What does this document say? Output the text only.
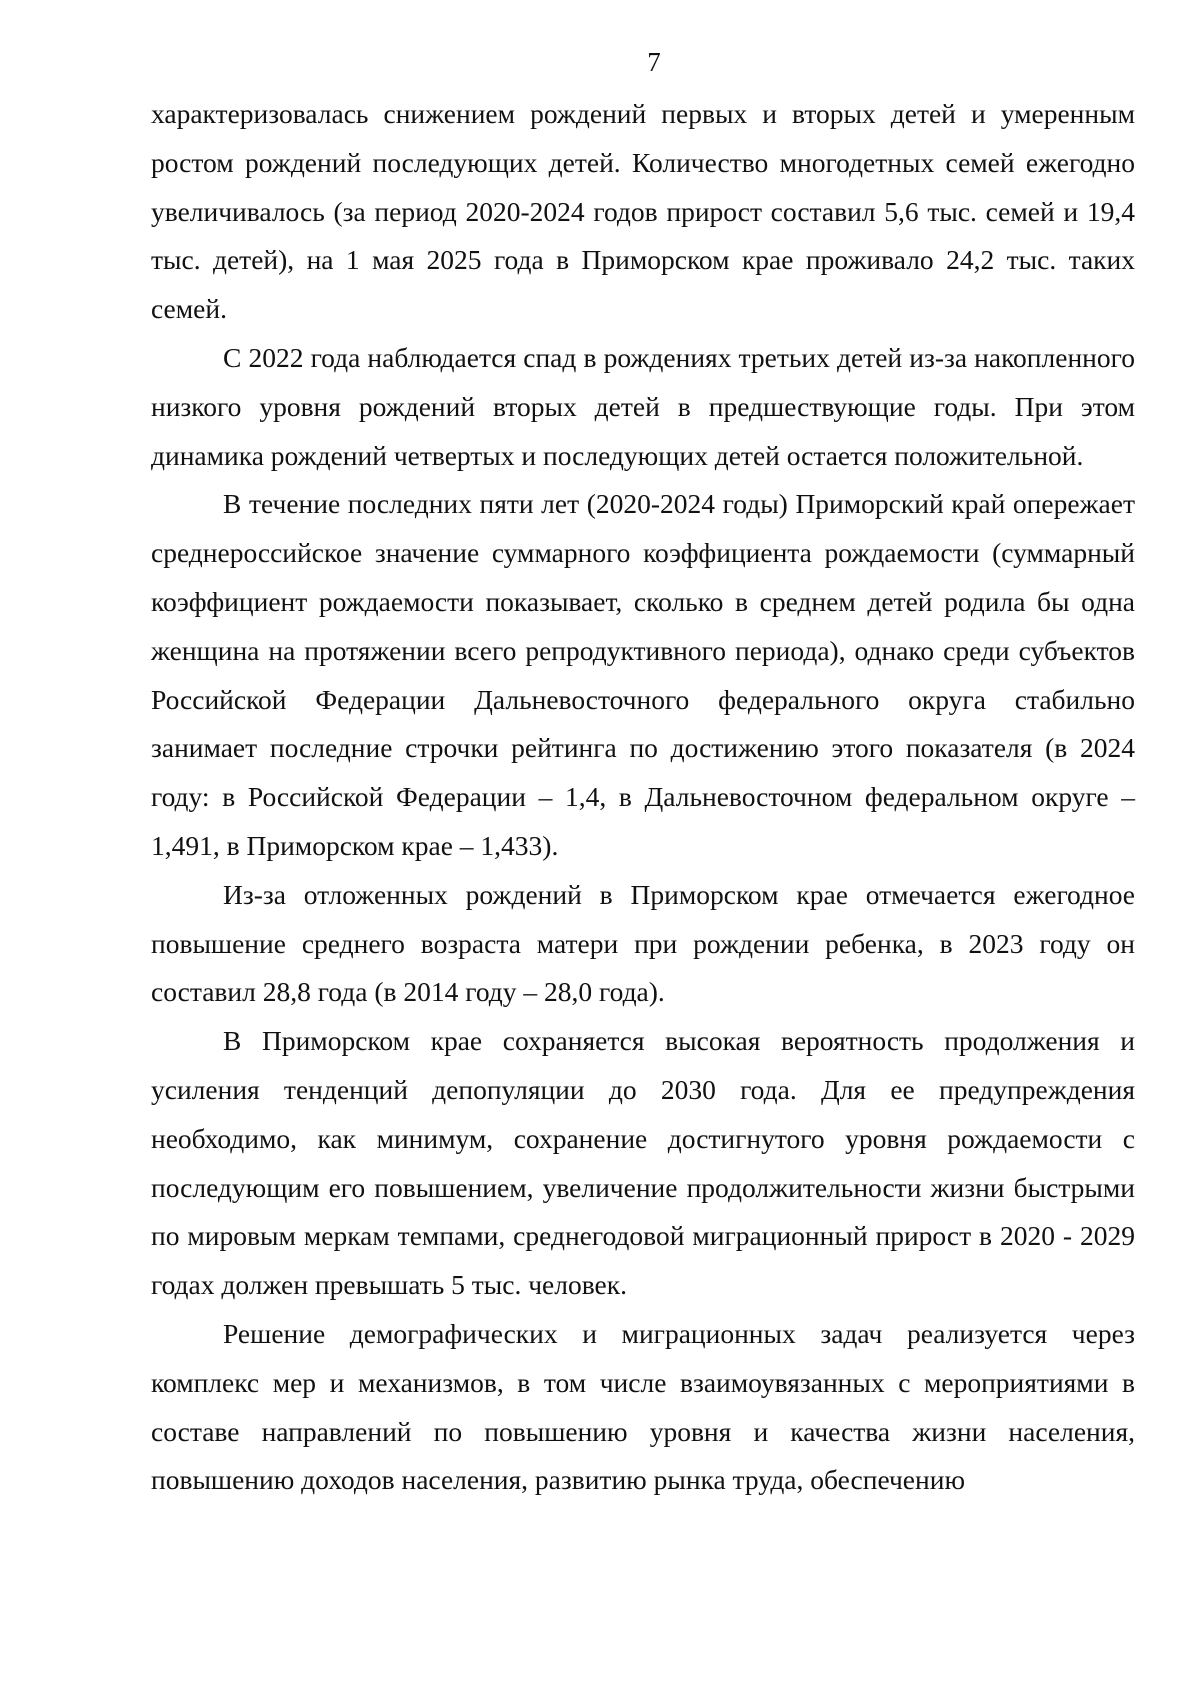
7

характеризовалась снижением рождений первых и вторых детей и умеренным ростом рождений последующих детей. Количество многодетных семей ежегодно увеличивалось (за период 2020-2024 годов прирост составил 5,6 тыс. семей и 19,4 тыс. детей), на 1 мая 2025 года в Приморском крае проживало 24,2 тыс. таких семей.

С 2022 года наблюдается спад в рождениях третьих детей из-за накопленного низкого уровня рождений вторых детей в предшествующие годы. При этом динамика рождений четвертых и последующих детей остается положительной.

В течение последних пяти лет (2020-2024 годы) Приморский край опережает среднероссийское значение суммарного коэффициента рождаемости (суммарный коэффициент рождаемости показывает, сколько в среднем детей родила бы одна женщина на протяжении всего репродуктивного периода), однако среди субъектов Российской Федерации Дальневосточного федерального округа стабильно занимает последние строчки рейтинга по достижению этого показателя (в 2024 году: в Российской Федерации – 1,4, в Дальневосточном федеральном округе – 1,491, в Приморском крае – 1,433).

Из-за отложенных рождений в Приморском крае отмечается ежегодное повышение среднего возраста матери при рождении ребенка, в 2023 году он составил 28,8 года (в 2014 году – 28,0 года).

В Приморском крае сохраняется высокая вероятность продолжения и усиления тенденций депопуляции до 2030 года. Для ее предупреждения необходимо, как минимум, сохранение достигнутого уровня рождаемости с последующим его повышением, увеличение продолжительности жизни быстрыми по мировым меркам темпами, среднегодовой миграционный прирост в 2020 - 2029 годах должен превышать 5 тыс. человек.

Решение демографических и миграционных задач реализуется через комплекс мер и механизмов, в том числе взаимоувязанных с мероприятиями в составе направлений по повышению уровня и качества жизни населения, повышению доходов населения, развитию рынка труда, обеспечению
